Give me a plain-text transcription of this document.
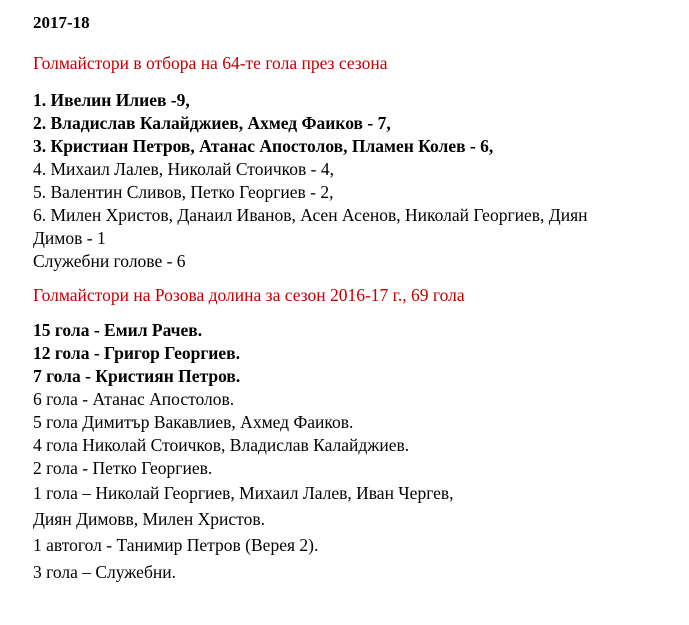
2017-18
Голмайстори в отбора на 64-те гола през сезона
1. Ивелин Илиев -9,
2. Владислав Калайджиев, Ахмед Фаиков - 7,
3. Кристиан Петров, Атанас Апостолов, Пламен Колев - 6,
4. Михаил Лалев, Николай Стоичков - 4,
5. Валентин Сливов, Петко Георгиев - 2,
6. Милен Христов, Данаил Иванов, Асен Асенов, Николай Георгиев, Диян
Димов - 1
Служебни голове - 6
Голмайстори на Розова долина за сезон 2016-17 г., 69 гола
15 гола - Емил Рачев.
12 гола - Григор Георгиев.
7 гола - Кристиян Петров.
6 гола - Атанас Апостолов.
5 гола Димитър Вакавлиев, Ахмед Фаиков.
4 гола Николай Стоичков, Владислав Калайджиев.
2 гола - Петко Георгиев.
1 гола – Николай Георгиев, Михаил Лалев, Иван Чергев,
Диян Димовв, Милен Христов.
1 автогол - Танимир Петров (Верея 2).
3 гола – Служебни.
